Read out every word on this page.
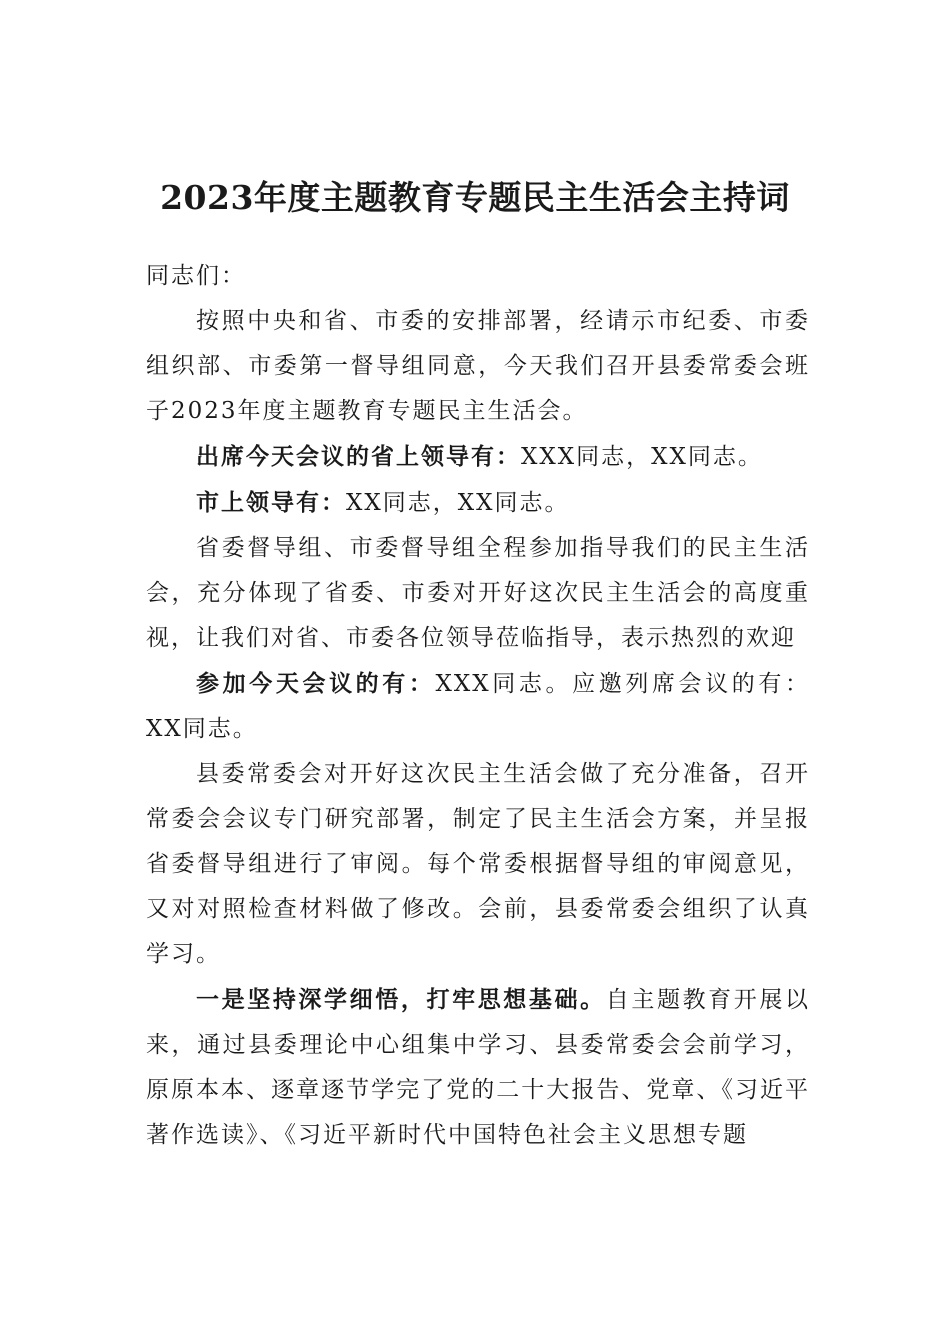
2023年度主题教育专题民主生活会主持词

同志们：

按照中央和省、市委的安排部署，经请示市纪委、市委组织部、市委第一督导组同意，今天我们召开县委常委会班子2023年度主题教育专题民主生活会。

出席今天会议的省上领导有：XXX同志，XX同志。

市上领导有：XX同志，XX同志。

省委督导组、市委督导组全程参加指导我们的民主生活会，充分体现了省委、市委对开好这次民主生活会的高度重视，让我们对省、市委各位领导莅临指导，表示热烈的欢迎

参加今天会议的有：XXX同志。应邀列席会议的有：XX同志。

县委常委会对开好这次民主生活会做了充分准备，召开常委会会议专门研究部署，制定了民主生活会方案，并呈报省委督导组进行了审阅。每个常委根据督导组的审阅意见，又对对照检查材料做了修改。会前，县委常委会组织了认真学习。

一是坚持深学细悟，打牢思想基础。自主题教育开展以来，通过县委理论中心组集中学习、县委常委会会前学习，原原本本、逐章逐节学完了党的二十大报告、党章、《习近平著作选读》、《习近平新时代中国特色社会主义思想专题
